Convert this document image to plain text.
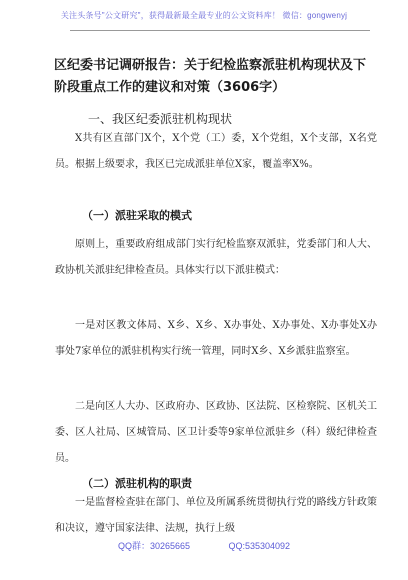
关注头条号"公文研究"，获得最新最全最专业的公文资料库！ 微信：gongwenyj
区纪委书记调研报告：关于纪检监察派驻机构现状及下阶段重点工作的建议和对策（3606字）
一、我区纪委派驻机构现状

X共有区直部门X个，X个党（工）委，X个党组，X个支部，X名党员。根据上级要求，我区已完成派驻单位X家，覆盖率X%。

（一）派驻采取的模式

原则上，重要政府组成部门实行纪检监察双派驻，党委部门和人大、政协机关派驻纪律检查员。具体实行以下派驻模式：

一是对区教文体局、X乡、X乡、X办事处、X办事处、X办事处X办事处7家单位的派驻机构实行统一管理，同时X乡、X乡派驻监察室。

二是向区人大办、区政府办、区政协、区法院、区检察院、区机关工委、区人社局、区城管局、区卫计委等9家单位派驻乡（科）级纪律检查员。

（二）派驻机构的职责

一是监督检查驻在部门、单位及所属系统贯彻执行党的路线方针政策和决议，遵守国家法律、法规，执行上级

QQ群：30265665	QQ:535304092
